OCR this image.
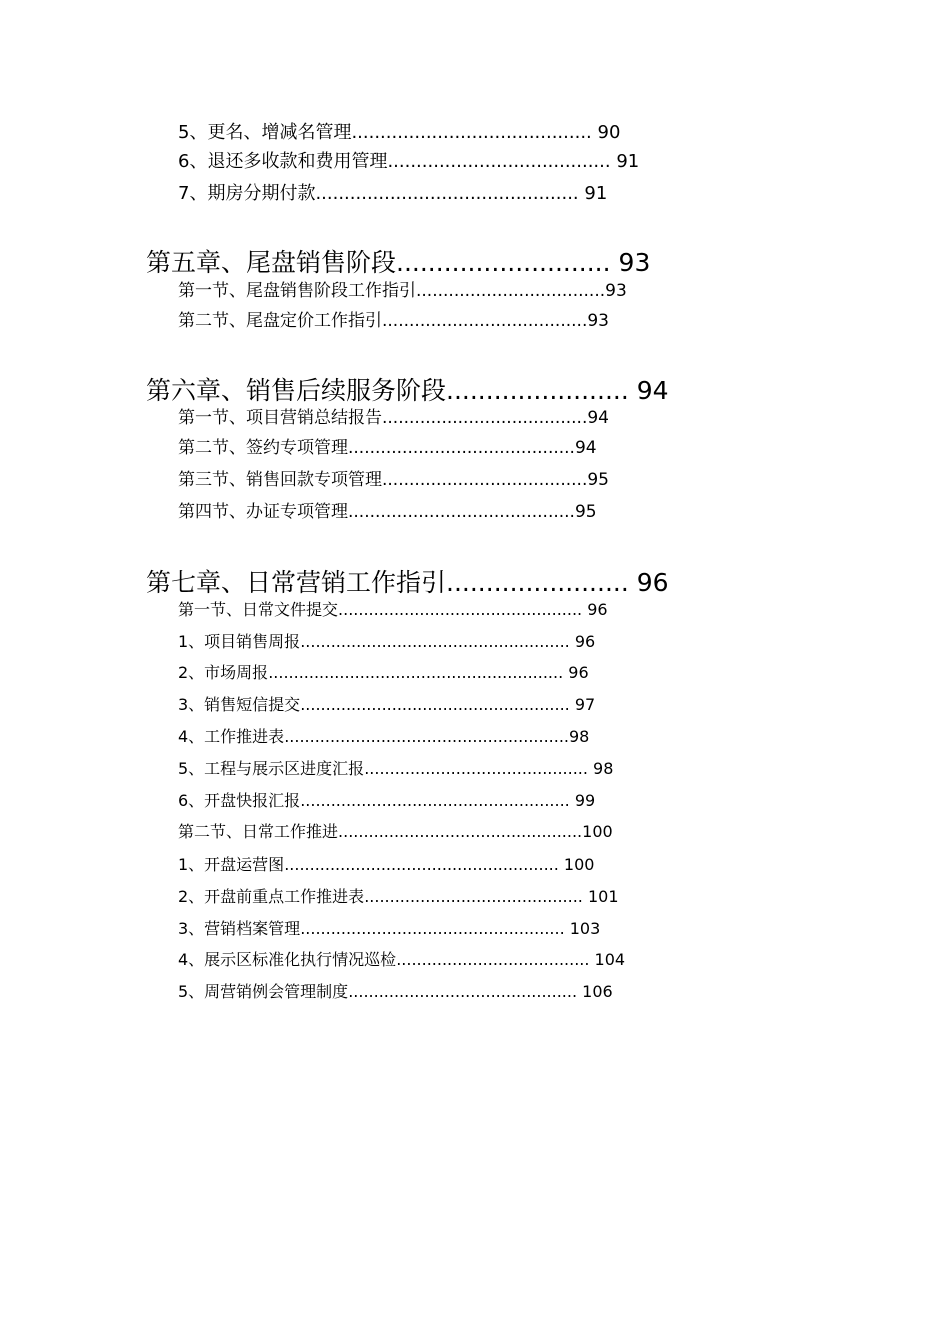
5、更名、增减名管理.......................................... 90
6、退还多收款和费用管理....................................... 91
7、期房分期付款.............................................. 91
第五章、尾盘销售阶段........................... 93
第一节、尾盘销售阶段工作指引...................................93
第二节、尾盘定价工作指引......................................93
第六章、销售后续服务阶段....................... 94
第一节、项目营销总结报告......................................94
第二节、签约专项管理..........................................94
第三节、销售回款专项管理......................................95
第四节、办证专项管理..........................................95
第七章、日常营销工作指引....................... 96
第一节、日常文件提交................................................ 96
1、项目销售周报..................................................... 96
2、市场周报.......................................................... 96
3、销售短信提交..................................................... 97
4、工作推进表........................................................98
5、工程与展示区进度汇报............................................ 98
6、开盘快报汇报..................................................... 99
第二节、日常工作推进................................................100
1、开盘运营图...................................................... 100
2、开盘前重点工作推进表........................................... 101
3、营销档案管理.................................................... 103
4、展示区标准化执行情况巡检...................................... 104
5、周营销例会管理制度............................................. 106
